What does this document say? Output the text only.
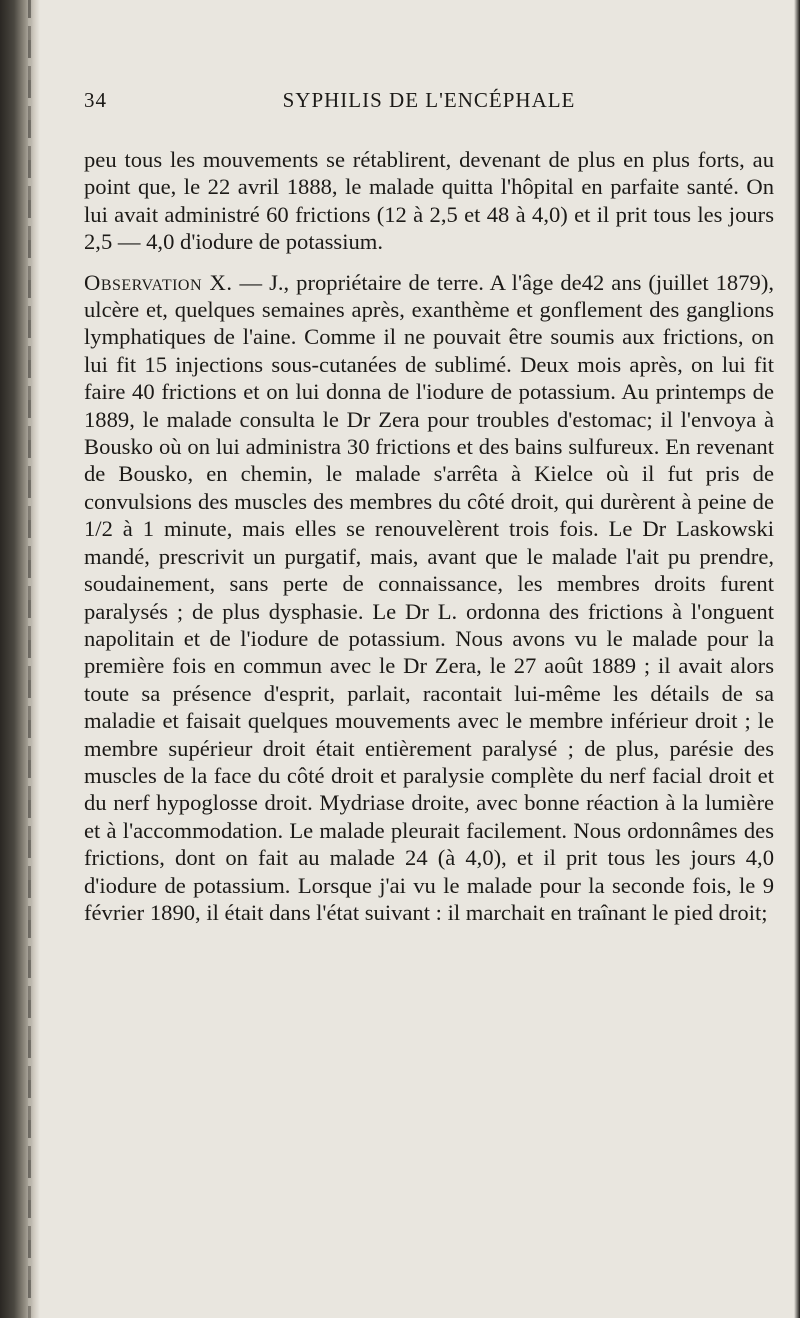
34	SYPHILIS DE L'ENCÉPHALE

peu tous les mouvements se rétablirent, devenant de plus en plus forts, au point que, le 22 avril 1888, le malade quitta l'hôpital en parfaite santé. On lui avait administré 60 frictions (12 à 2,5 et 48 à 4,0) et il prit tous les jours 2,5 — 4,0 d'iodure de potassium.

Observation X. — J., propriétaire de terre. A l'âge de42 ans (juillet 1879), ulcère et, quelques semaines après, exanthème et gonflement des ganglions lymphatiques de l'aine. Comme il ne pouvait être soumis aux frictions, on lui fit 15 injections sous-cutanées de sublimé. Deux mois après, on lui fit faire 40 frictions et on lui donna de l'iodure de potassium. Au printemps de 1889, le malade consulta le Dr Zera pour troubles d'estomac; il l'envoya à Bousko où on lui administra 30 frictions et des bains sulfureux. En revenant de Bousko, en chemin, le malade s'arrêta à Kielce où il fut pris de convulsions des muscles des membres du côté droit, qui durèrent à peine de 1/2 à 1 minute, mais elles se renouvelèrent trois fois. Le Dr Laskowski mandé, prescrivit un purgatif, mais, avant que le malade l'ait pu prendre, soudainement, sans perte de connaissance, les membres droits furent paralysés ; de plus dysphasie. Le Dr L. ordonna des frictions à l'onguent napolitain et de l'iodure de potassium. Nous avons vu le malade pour la première fois en commun avec le Dr Zera, le 27 août 1889 ; il avait alors toute sa présence d'esprit, parlait, racontait lui-même les détails de sa maladie et faisait quelques mouvements avec le membre inférieur droit ; le membre supérieur droit était entièrement paralysé ; de plus, parésie des muscles de la face du côté droit et paralysie complète du nerf facial droit et du nerf hypoglosse droit. Mydriase droite, avec bonne réaction à la lumière et à l'accommodation. Le malade pleurait facilement. Nous ordonnâmes des frictions, dont on fait au malade 24 (à 4,0), et il prit tous les jours 4,0 d'iodure de potassium. Lorsque j'ai vu le malade pour la seconde fois, le 9 février 1890, il était dans l'état suivant : il marchait en traînant le pied droit;
